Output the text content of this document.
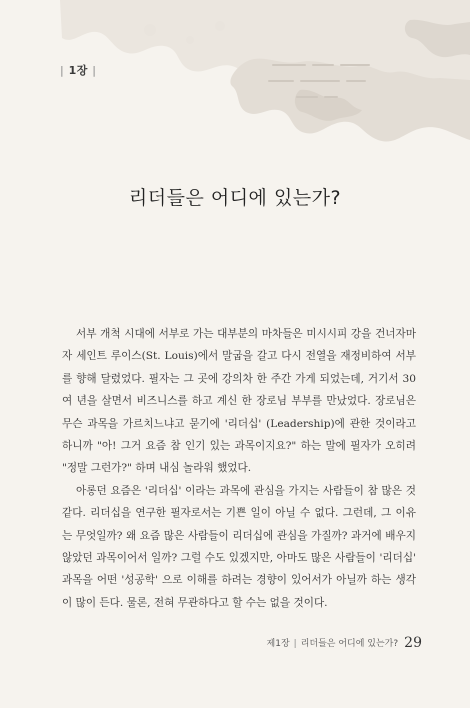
| 1장 |
리더들은 어디에 있는가?

서부 개척 시대에 서부로 가는 대부분의 마차들은 미시시피 강을 건너자마자 세인트 루이스(St. Louis)에서 말굽을 갈고 다시 전열을 재정비하여 서부를 향해 달렸었다. 필자는 그 곳에 강의차 한 주간 가게 되었는데, 거기서 30여 년을 살면서 비즈니스를 하고 계신 한 장로님 부부를 만났었다. 장로님은 무슨 과목을 가르치느냐고 묻기에 '리더십' (Leadership)에 관한 것이라고 하니까 "아! 그거 요즘 참 인기 있는 과목이지요?" 하는 말에 필자가 오히려 "정말 그런가?" 하며 내심 놀라워 했었다.

아롱던 요즘은 '리더십' 이라는 과목에 관심을 가지는 사람들이 참 많은 것 같다. 리더십을 연구한 필자로서는 기쁜 일이 아닐 수 없다. 그런데, 그 이유는 무엇일까? 왜 요즘 많은 사람들이 리더십에 관심을 가질까? 과거에 배우지 않았던 과목이어서 일까? 그럴 수도 있겠지만, 아마도 많은 사람들이 '리더십' 과목을 어떤 '성공학' 으로 이해를 하려는 경향이 있어서가 아닐까 하는 생각이 많이 든다. 물론, 전혀 무관하다고 할 수는 없을 것이다.

제1장 | 리더들은 어디에 있는가? 29
